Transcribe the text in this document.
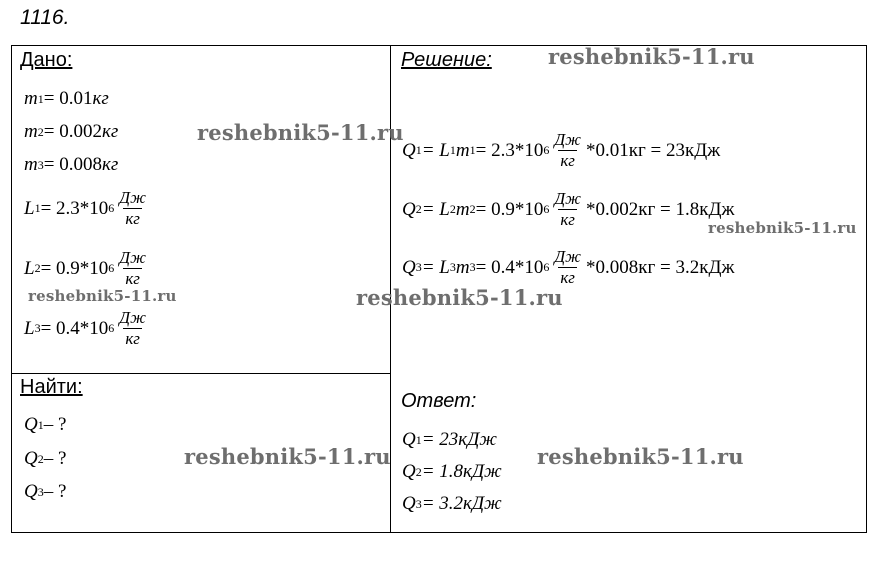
1116.
Дано:
m 1 = 0.01 кг
m 2 = 0.002 кг
m 3 = 0.008 кг
L 1 = 2.3*10 $6 \frac{Дж}{кг}$
L 2 = 0.9*10 $6 \frac{Дж}{кг}$
L 3 = 0.4*10 $6 \frac{Дж}{кг}$
Найти:
Q 1 – ?
Q 2 – ?
Q 3 – ?
Решение:
Q 1 = L 1 m 1 = 2.3*10 $6 \frac{Дж}{кг} *0.01кг = 23кДж$
Q 2 = L 2 m 2 = 0.9*10 $6 \frac{Дж}{кг} *0.002кг = 1.8кДж$
Q 3 = L 3 m 3 = 0.4*10 $6 \frac{Дж}{кг} *0.008кг = 3.2кДж$
Ответ:
Q 1 = 23кДж
Q 2 = 1.8кДж
Q 3 = 3.2кДж
reshebnik5-11.ru
reshebnik5-11.ru
reshebnik5-11.ru
reshebnik5-11.ru	reshebnik5-11.ru
reshebnik5-11.ru	reshebnik5-11.ru
